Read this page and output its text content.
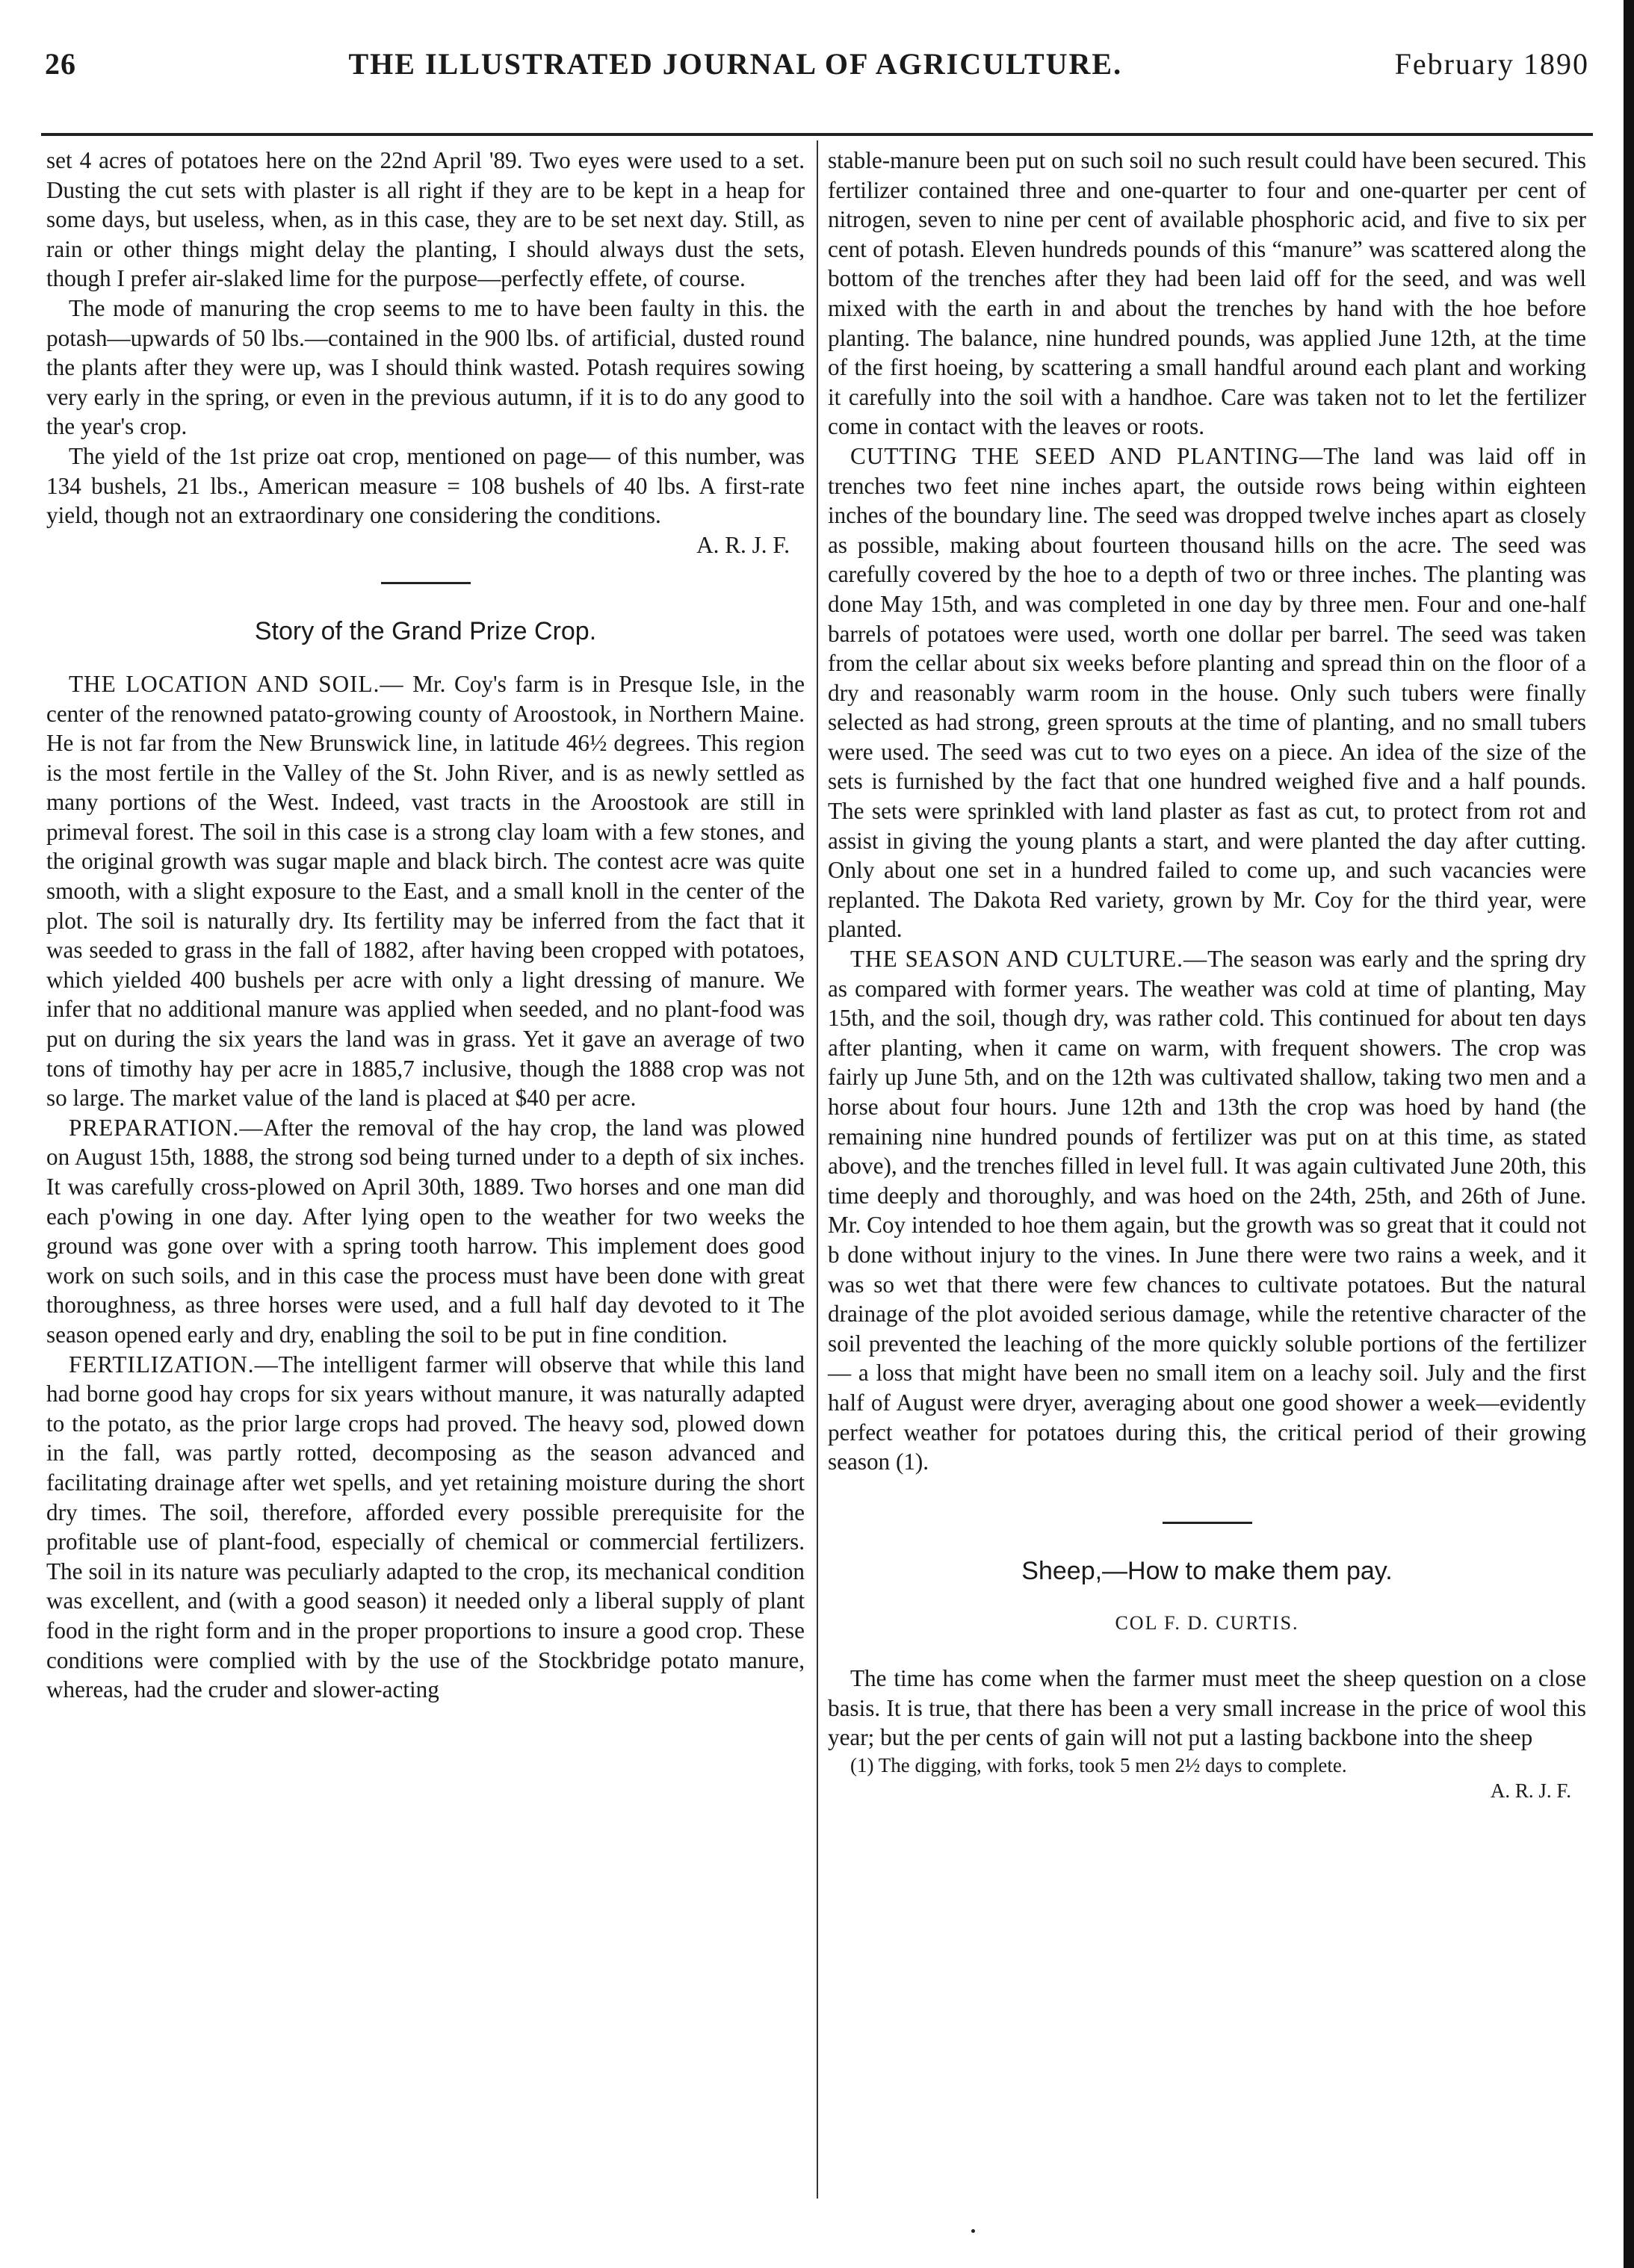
26	THE ILLUSTRATED JOURNAL OF AGRICULTURE.	February 1890

set 4 acres of potatoes here on the 22nd April '89. Two eyes were used to a set. Dusting the cut sets with plaster is all right if they are to be kept in a heap for some days, but useless, when, as in this case, they are to be set next day. Still, as rain or other things might delay the planting, I should always dust the sets, though I prefer air-slaked lime for the purpose—perfectly effete, of course.

The mode of manuring the crop seems to me to have been faulty in this. the potash—upwards of 50 lbs.—contained in the 900 lbs. of artificial, dusted round the plants after they were up, was I should think wasted. Potash requires sowing very early in the spring, or even in the previous autumn, if it is to do any good to the year's crop.

The yield of the 1st prize oat crop, mentioned on page— of this number, was 134 bushels, 21 lbs., American measure = 108 bushels of 40 lbs. A first-rate yield, though not an extraordinary one considering the conditions.

A. R. J. F.

Story of the Grand Prize Crop.

THE LOCATION AND SOIL.— Mr. Coy's farm is in Presque Isle, in the center of the renowned patato-growing county of Aroostook, in Northern Maine. He is not far from the New Brunswick line, in latitude 46½ degrees. This region is the most fertile in the Valley of the St. John River, and is as newly settled as many portions of the West. Indeed, vast tracts in the Aroostook are still in primeval forest. The soil in this case is a strong clay loam with a few stones, and the original growth was sugar maple and black birch. The contest acre was quite smooth, with a slight exposure to the East, and a small knoll in the center of the plot. The soil is naturally dry. Its fertility may be inferred from the fact that it was seeded to grass in the fall of 1882, after having been cropped with potatoes, which yielded 400 bushels per acre with only a light dressing of manure. We infer that no additional manure was applied when seeded, and no plant-food was put on during the six years the land was in grass. Yet it gave an average of two tons of timothy hay per acre in 1885,7 inclusive, though the 1888 crop was not so large. The market value of the land is placed at $40 per acre.

PREPARATION.—After the removal of the hay crop, the land was plowed on August 15th, 1888, the strong sod being turned under to a depth of six inches. It was carefully cross-plowed on April 30th, 1889. Two horses and one man did each p'owing in one day. After lying open to the weather for two weeks the ground was gone over with a spring tooth harrow. This implement does good work on such soils, and in this case the process must have been done with great thoroughness, as three horses were used, and a full half day devoted to it The season opened early and dry, enabling the soil to be put in fine condition.

FERTILIZATION.—The intelligent farmer will observe that while this land had borne good hay crops for six years without manure, it was naturally adapted to the potato, as the prior large crops had proved. The heavy sod, plowed down in the fall, was partly rotted, decomposing as the season advanced and facilitating drainage after wet spells, and yet retaining moisture during the short dry times. The soil, therefore, afforded every possible prerequisite for the profitable use of plant-food, especially of chemical or commercial fertilizers. The soil in its nature was peculiarly adapted to the crop, its mechanical condition was excellent, and (with a good season) it needed only a liberal supply of plant food in the right form and in the proper proportions to insure a good crop. These conditions were complied with by the use of the Stockbridge potato manure, whereas, had the cruder and slower-acting

stable-manure been put on such soil no such result could have been secured. This fertilizer contained three and one-quarter to four and one-quarter per cent of nitrogen, seven to nine per cent of available phosphoric acid, and five to six per cent of potash. Eleven hundreds pounds of this “manure” was scattered along the bottom of the trenches after they had been laid off for the seed, and was well mixed with the earth in and about the trenches by hand with the hoe before planting. The balance, nine hundred pounds, was applied June 12th, at the time of the first hoeing, by scattering a small handful around each plant and working it carefully into the soil with a handhoe. Care was taken not to let the fertilizer come in contact with the leaves or roots.

CUTTING THE SEED AND PLANTING—The land was laid off in trenches two feet nine inches apart, the outside rows being within eighteen inches of the boundary line. The seed was dropped twelve inches apart as closely as possible, making about fourteen thousand hills on the acre. The seed was carefully covered by the hoe to a depth of two or three inches. The planting was done May 15th, and was completed in one day by three men. Four and one-half barrels of potatoes were used, worth one dollar per barrel. The seed was taken from the cellar about six weeks before planting and spread thin on the floor of a dry and reasonably warm room in the house. Only such tubers were finally selected as had strong, green sprouts at the time of planting, and no small tubers were used. The seed was cut to two eyes on a piece. An idea of the size of the sets is furnished by the fact that one hundred weighed five and a half pounds. The sets were sprinkled with land plaster as fast as cut, to protect from rot and assist in giving the young plants a start, and were planted the day after cutting. Only about one set in a hundred failed to come up, and such vacancies were replanted. The Dakota Red variety, grown by Mr. Coy for the third year, were planted.

THE SEASON AND CULTURE.—The season was early and the spring dry as compared with former years. The weather was cold at time of planting, May 15th, and the soil, though dry, was rather cold. This continued for about ten days after planting, when it came on warm, with frequent showers. The crop was fairly up June 5th, and on the 12th was cultivated shallow, taking two men and a horse about four hours. June 12th and 13th the crop was hoed by hand (the remaining nine hundred pounds of fertilizer was put on at this time, as stated above), and the trenches filled in level full. It was again cultivated June 20th, this time deeply and thoroughly, and was hoed on the 24th, 25th, and 26th of June. Mr. Coy intended to hoe them again, but the growth was so great that it could not b done without injury to the vines. In June there were two rains a week, and it was so wet that there were few chances to cultivate potatoes. But the natural drainage of the plot avoided serious damage, while the retentive character of the soil prevented the leaching of the more quickly soluble portions of the fertilizer— a loss that might have been no small item on a leachy soil. July and the first half of August were dryer, averaging about one good shower a week—evidently perfect weather for potatoes during this, the critical period of their growing season (1).

Sheep,—How to make them pay.
COL F. D. CURTIS.

The time has come when the farmer must meet the sheep question on a close basis. It is true, that there has been a very small increase in the price of wool this year; but the per cents of gain will not put a lasting backbone into the sheep

(1) The digging, with forks, took 5 men 2½ days to complete.

A. R. J. F.
